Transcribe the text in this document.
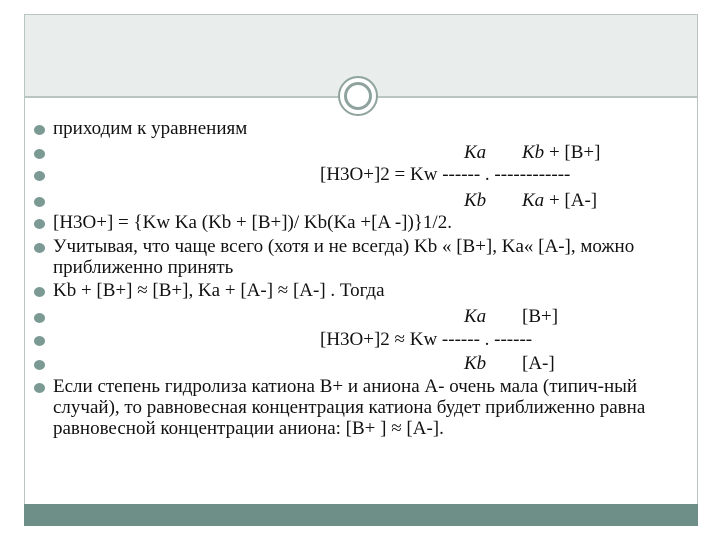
приходим к уравнениям
Ka Kb + [B+]
[H3O+]2 = Kw ------ . ------------
Kb Ka + [A-]
[H3O+] = {Kw Ka (Kb + [B+])/ Kb(Ka +[A -])}1/2.
Учитывая, что чаще всего (хотя и не всегда) Kb « [B+], Ka« [A-], можно приближенно принять
Kb + [B+] ≈ [B+], Ka + [A-] ≈ [A-] . Тогда
Ka [B+]
[H3O+]2 ≈ Kw ------ . ------
Kb [A-]
Если степень гидролиза катиона B+ и аниона A- очень мала (типич-ный случай), то равновесная концентрация катиона будет приближенно равна равновесной концентрации аниона: [B+ ] ≈ [A-].
